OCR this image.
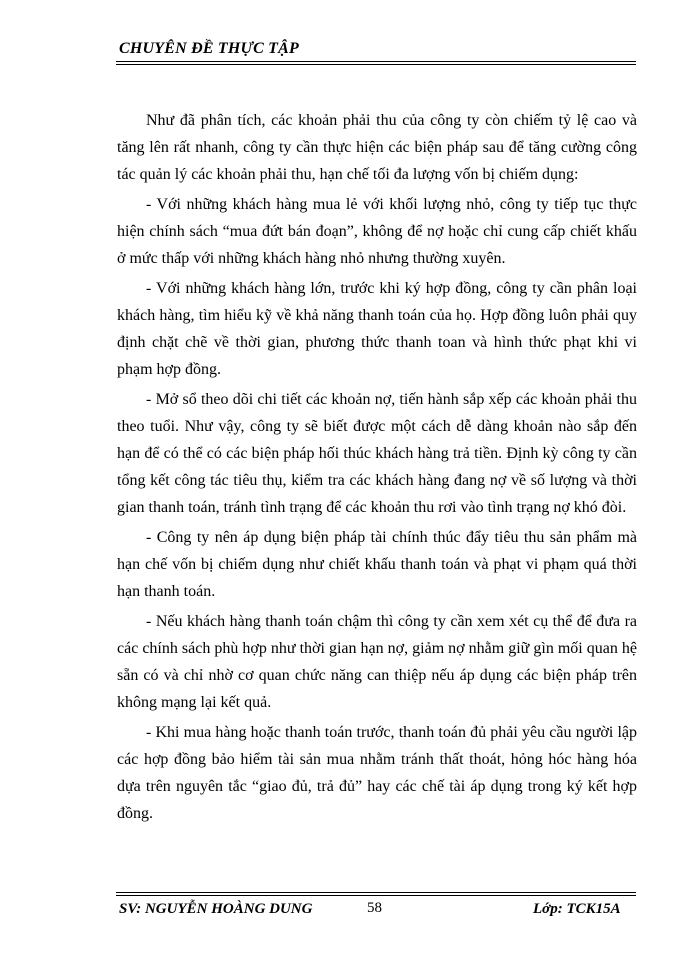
CHUYÊN ĐỀ THỰC TẬP

Như đã phân tích, các khoản phải thu của công ty còn chiếm tỷ lệ cao và tăng lên rất nhanh, công ty cần thực hiện các biện pháp sau để tăng cường công tác quản lý các khoản phải thu, hạn chế tối đa lượng vốn bị chiếm dụng:

- Với những khách hàng mua lẻ với khối lượng nhỏ, công ty tiếp tục thực hiện chính sách “mua đứt bán đoạn”, không để nợ hoặc chỉ cung cấp chiết khấu ở mức thấp với những khách hàng nhỏ nhưng thường xuyên.

- Với những khách hàng lớn, trước khi ký hợp đồng, công ty cần phân loại khách hàng, tìm hiểu kỹ về khả năng thanh toán của họ. Hợp đồng luôn phải quy định chặt chẽ về thời gian, phương thức thanh toan và hình thức phạt khi vi phạm hợp đồng.

- Mở sổ theo dõi chi tiết các khoản nợ, tiến hành sắp xếp các khoản phải thu theo tuổi. Như vậy, công ty sẽ biết được một cách dễ dàng khoản nào sắp đến hạn để có thể có các biện pháp hối thúc khách hàng trả tiền. Định kỳ công ty cần tổng kết công tác tiêu thụ, kiểm tra các khách hàng đang nợ về số lượng và thời gian thanh toán, tránh tình trạng để các khoản thu rơi vào tình trạng nợ khó đòi.

- Công ty nên áp dụng biện pháp tài chính thúc đẩy tiêu thu sản phẩm mà hạn chế vốn bị chiếm dụng như chiết khấu thanh toán và phạt vi phạm quá thời hạn thanh toán.

- Nếu khách hàng thanh toán chậm thì công ty cần xem xét cụ thể để đưa ra các chính sách phù hợp như thời gian hạn nợ, giảm nợ nhằm giữ gìn mối quan hệ sẵn có và chỉ nhờ cơ quan chức năng can thiệp nếu áp dụng các biện pháp trên không mạng lại kết quả.

- Khi mua hàng hoặc thanh toán trước, thanh toán đủ phải yêu cầu người lập các hợp đồng bảo hiểm tài sản mua nhằm tránh thất thoát, hỏng hóc hàng hóa dựa trên nguyên tắc “giao đủ, trả đủ” hay các chế tài áp dụng trong ký kết hợp đồng.

SV: NGUYỄN HOÀNG DUNG	58	Lớp: TCK15A
